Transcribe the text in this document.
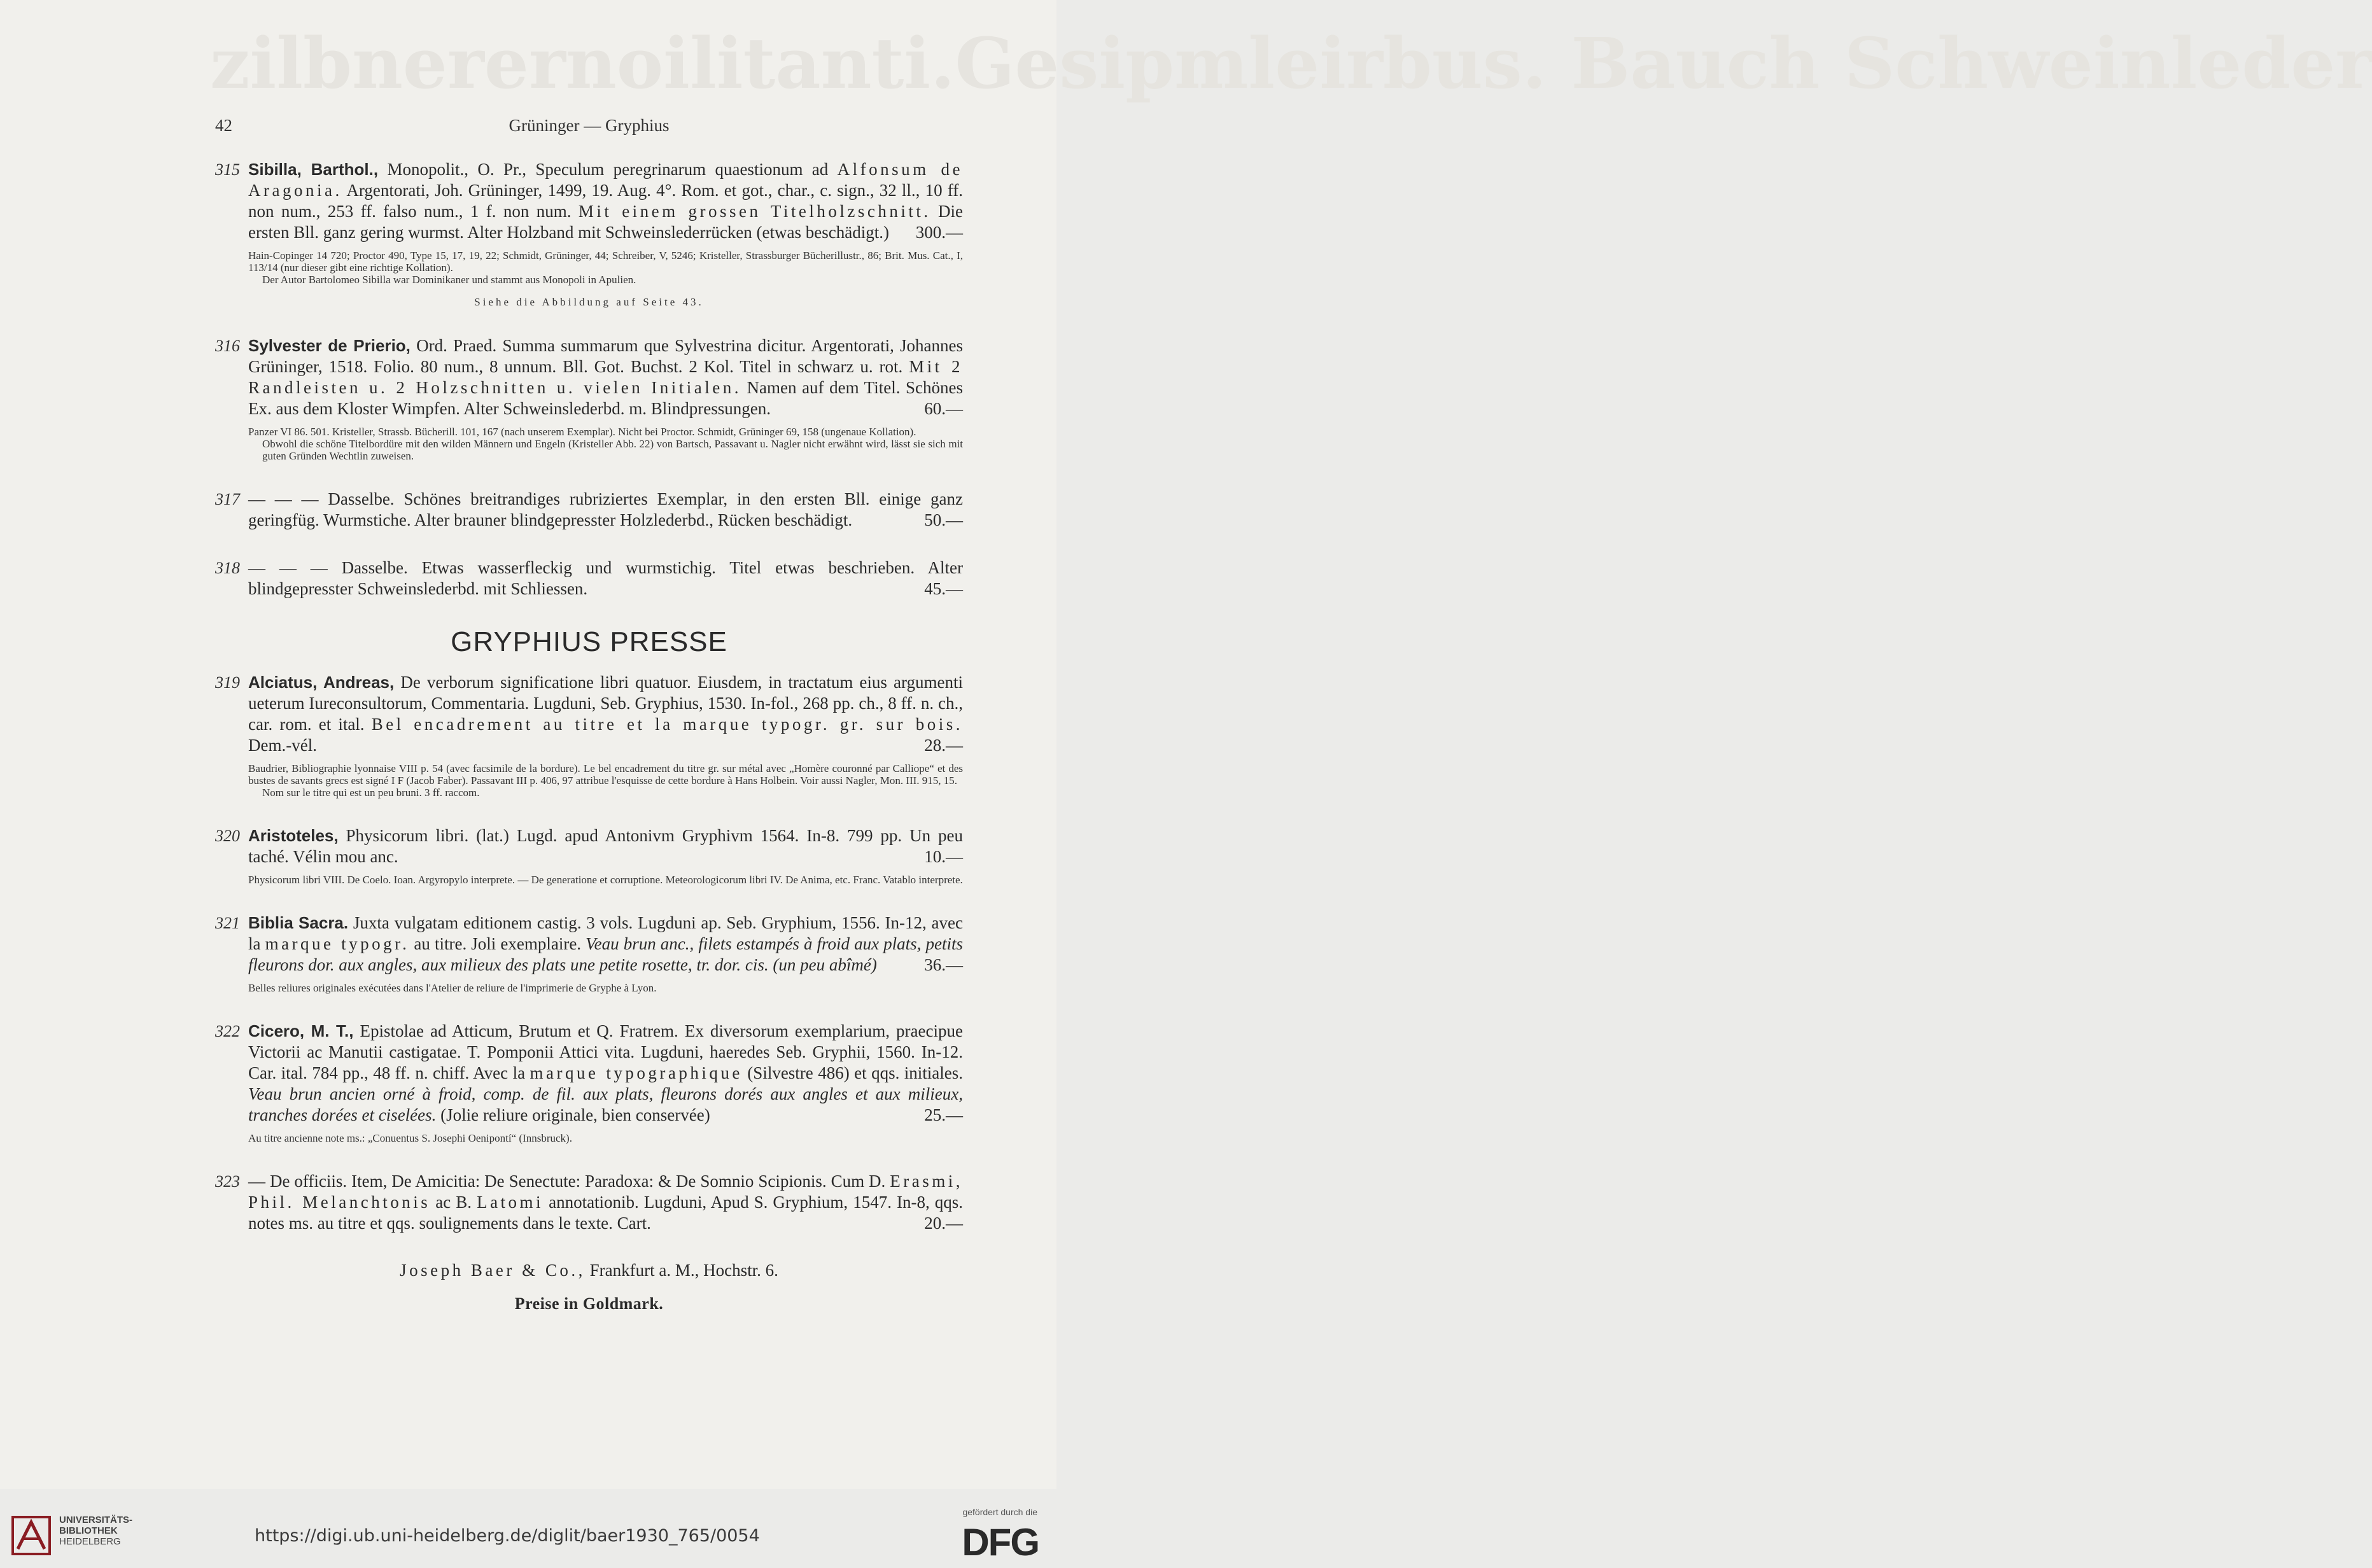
zilbnerernoilitanti.Gesipmleirbus. Bauch Schweinleder
42	Grüninger — Gryphius
315 Sibilla, Barthol., Monopolit., O. Pr., Speculum peregrinarum quaestionum ad Alfonsum de Aragonia. Argentorati, Joh. Grüninger, 1499, 19. Aug. 4°. Rom. et got., char., c. sign., 32 ll., 10 ff. non num., 253 ff. falso num., 1 f. non num. Mit einem grossen Titelholzschnitt. Die ersten Bll. ganz gering wurmst. Alter Holzband mit Schweinslederrücken (etwas beschädigt.) 300.—
Hain-Copinger 14 720; Proctor 490, Type 15, 17, 19, 22; Schmidt, Grüninger, 44; Schreiber, V, 5246; Kristeller, Strassburger Bücherillustr., 86; Brit. Mus. Cat., I, 113/14 (nur dieser gibt eine richtige Kollation).
Der Autor Bartolomeo Sibilla war Dominikaner und stammt aus Monopoli in Apulien.
Siehe die Abbildung auf Seite 43.
316 Sylvester de Prierio, Ord. Praed. Summa summarum que Sylvestrina dicitur. Argentorati, Johannes Grüninger, 1518. Folio. 80 num., 8 unnum. Bll. Got. Buchst. 2 Kol. Titel in schwarz u. rot. Mit 2 Randleisten u. 2 Holzschnitten u. vielen Initialen. Namen auf dem Titel. Schönes Ex. aus dem Kloster Wimpfen. Alter Schweinslederbd. m. Blindpressungen.	60.—
Panzer VI 86. 501. Kristeller, Strassb. Bücherill. 101, 167 (nach unserem Exemplar). Nicht bei Proctor. Schmidt, Grüninger 69, 158 (ungenaue Kollation).
Obwohl die schöne Titelbordüre mit den wilden Männern und Engeln (Kristeller Abb. 22) von Bartsch, Passavant u. Nagler nicht erwähnt wird, lässt sie sich mit guten Gründen Wechtlin zuweisen.
317 — — — Dasselbe. Schönes breitrandiges rubriziertes Exemplar, in den ersten Bll. einige ganz geringfüg. Wurmstiche. Alter brauner blindgepresster Holzlederbd., Rücken beschädigt.	50.—
318 — — — Dasselbe. Etwas wasserfleckig und wurmstichig. Titel etwas beschrieben. Alter blindgepresster Schweinslederbd. mit Schliessen.	45.—
GRYPHIUS PRESSE
319 Alciatus, Andreas, De verborum significatione libri quatuor. Eiusdem, in tractatum eius argumenti ueterum Iureconsultorum, Commentaria. Lugduni, Seb. Gryphius, 1530. In-fol., 268 pp. ch., 8 ff. n. ch., car. rom. et ital. Bel encadrement au titre et la marque typogr. gr. sur bois. Dem.-vél.	28.—
Baudrier, Bibliographie lyonnaise VIII p. 54 (avec facsimile de la bordure). Le bel encadrement du titre gr. sur métal avec „Homère couronné par Calliope“ et des bustes de savants grecs est signé I F (Jacob Faber). Passavant III p. 406, 97 attribue l'esquisse de cette bordure à Hans Holbein. Voir aussi Nagler, Mon. III. 915, 15.
Nom sur le titre qui est un peu bruni. 3 ff. raccom.
320 Aristoteles, Physicorum libri. (lat.) Lugd. apud Antonivm Gryphivm 1564. In-8. 799 pp. Un peu taché. Vélin mou anc.	10.—
Physicorum libri VIII. De Coelo. Ioan. Argyropylo interprete. — De generatione et corruptione. Meteorologicorum libri IV. De Anima, etc. Franc. Vatablo interprete.
321 Biblia Sacra. Juxta vulgatam editionem castig. 3 vols. Lugduni ap. Seb. Gryphium, 1556. In-12, avec la marque typogr. au titre. Joli exemplaire. Veau brun anc., filets estampés à froid aux plats, petits fleurons dor. aux angles, aux milieux des plats une petite rosette, tr. dor. cis. (un peu abîmé)	36.—
Belles reliures originales exécutées dans l'Atelier de reliure de l'imprimerie de Gryphe à Lyon.
322 Cicero, M. T., Epistolae ad Atticum, Brutum et Q. Fratrem. Ex diversorum exemplarium, praecipue Victorii ac Manutii castigatae. T. Pomponii Attici vita. Lugduni, haeredes Seb. Gryphii, 1560. In-12. Car. ital. 784 pp., 48 ff. n. chiff. Avec la marque typographique (Silvestre 486) et qqs. initiales. Veau brun ancien orné à froid, comp. de fil. aux plats, fleurons dorés aux angles et aux milieux, tranches dorées et ciselées. (Jolie reliure originale, bien conservée)	25.—
Au titre ancienne note ms.: „Conuentus S. Josephi Oenipontí“ (Innsbruck).
323 — De officiis. Item, De Amicitia: De Senectute: Paradoxa: & De Somnio Scipionis. Cum D. Erasmi, Phil. Melanchtonis ac B. Latomi annotationib. Lugduni, Apud S. Gryphium, 1547. In-8, qqs. notes ms. au titre et qqs. soulignements dans le texte. Cart.	20.—
Joseph Baer & Co., Frankfurt a. M., Hochstr. 6.
Preise in Goldmark.
UNIVERSITÄTS-
BIBLIOTHEK
HEIDELBERG	https://digi.ub.uni-heidelberg.de/diglit/baer1930_765/0054
gefördert durch die
DFG
